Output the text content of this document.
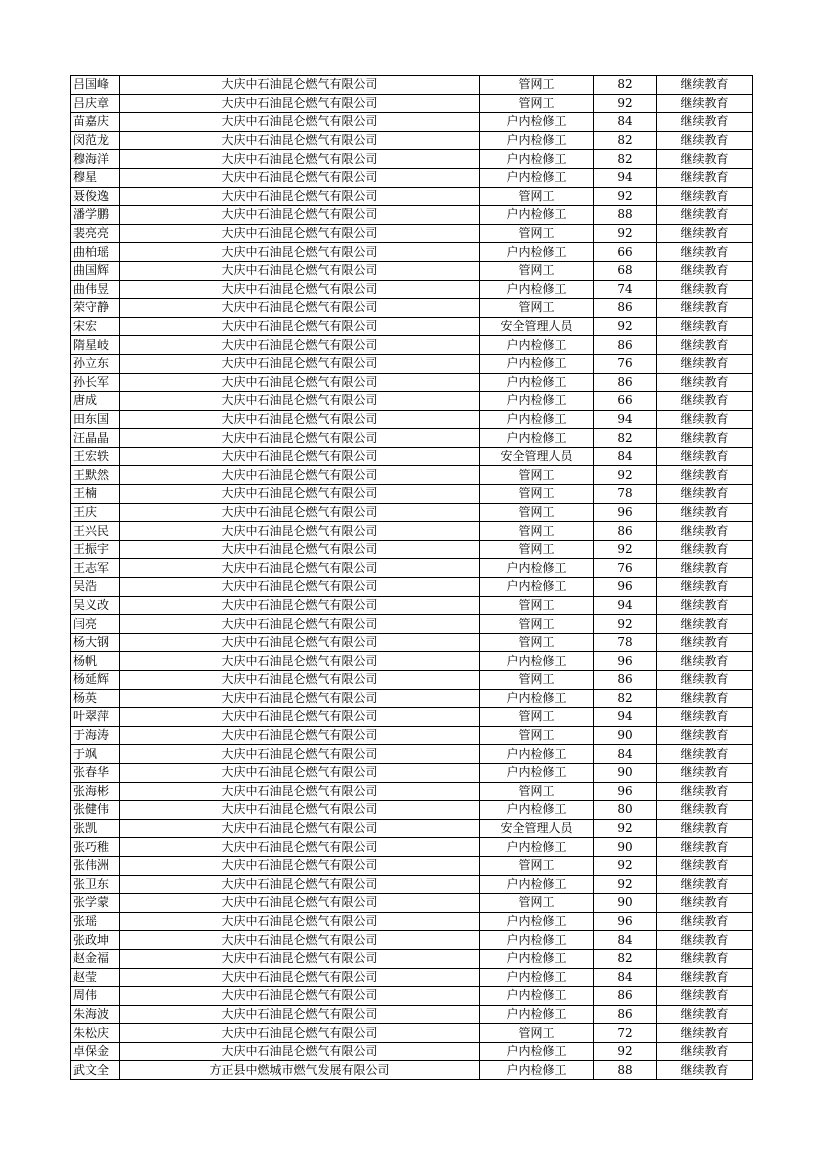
吕国峰	大庆中石油昆仑燃气有限公司	管网工	82	继续教育
吕庆章	大庆中石油昆仑燃气有限公司	管网工	92	继续教育
苗嘉庆	大庆中石油昆仑燃气有限公司	户内检修工	84	继续教育
闵范龙	大庆中石油昆仑燃气有限公司	户内检修工	82	继续教育
穆海洋	大庆中石油昆仑燃气有限公司	户内检修工	82	继续教育
穆星	大庆中石油昆仑燃气有限公司	户内检修工	94	继续教育
聂俊逸	大庆中石油昆仑燃气有限公司	管网工	92	继续教育
潘学鹏	大庆中石油昆仑燃气有限公司	户内检修工	88	继续教育
裴亮亮	大庆中石油昆仑燃气有限公司	管网工	92	继续教育
曲柏瑶	大庆中石油昆仑燃气有限公司	户内检修工	66	继续教育
曲国辉	大庆中石油昆仑燃气有限公司	管网工	68	继续教育
曲伟昱	大庆中石油昆仑燃气有限公司	户内检修工	74	继续教育
荣守静	大庆中石油昆仑燃气有限公司	管网工	86	继续教育
宋宏	大庆中石油昆仑燃气有限公司	安全管理人员	92	继续教育
隋星岐	大庆中石油昆仑燃气有限公司	户内检修工	86	继续教育
孙立东	大庆中石油昆仑燃气有限公司	户内检修工	76	继续教育
孙长军	大庆中石油昆仑燃气有限公司	户内检修工	86	继续教育
唐成	大庆中石油昆仑燃气有限公司	户内检修工	66	继续教育
田东国	大庆中石油昆仑燃气有限公司	户内检修工	94	继续教育
汪晶晶	大庆中石油昆仑燃气有限公司	户内检修工	82	继续教育
王宏轶	大庆中石油昆仑燃气有限公司	安全管理人员	84	继续教育
王默然	大庆中石油昆仑燃气有限公司	管网工	92	继续教育
王楠	大庆中石油昆仑燃气有限公司	管网工	78	继续教育
王庆	大庆中石油昆仑燃气有限公司	管网工	96	继续教育
王兴民	大庆中石油昆仑燃气有限公司	管网工	86	继续教育
王振宇	大庆中石油昆仑燃气有限公司	管网工	92	继续教育
王志军	大庆中石油昆仑燃气有限公司	户内检修工	76	继续教育
吴浩	大庆中石油昆仑燃气有限公司	户内检修工	96	继续教育
吴义改	大庆中石油昆仑燃气有限公司	管网工	94	继续教育
闫亮	大庆中石油昆仑燃气有限公司	管网工	92	继续教育
杨大钢	大庆中石油昆仑燃气有限公司	管网工	78	继续教育
杨帆	大庆中石油昆仑燃气有限公司	户内检修工	96	继续教育
杨延辉	大庆中石油昆仑燃气有限公司	管网工	86	继续教育
杨英	大庆中石油昆仑燃气有限公司	户内检修工	82	继续教育
叶翠萍	大庆中石油昆仑燃气有限公司	管网工	94	继续教育
于海涛	大庆中石油昆仑燃气有限公司	管网工	90	继续教育
于飒	大庆中石油昆仑燃气有限公司	户内检修工	84	继续教育
张春华	大庆中石油昆仑燃气有限公司	户内检修工	90	继续教育
张海彬	大庆中石油昆仑燃气有限公司	管网工	96	继续教育
张健伟	大庆中石油昆仑燃气有限公司	户内检修工	80	继续教育
张凯	大庆中石油昆仑燃气有限公司	安全管理人员	92	继续教育
张巧稚	大庆中石油昆仑燃气有限公司	户内检修工	90	继续教育
张伟洲	大庆中石油昆仑燃气有限公司	管网工	92	继续教育
张卫东	大庆中石油昆仑燃气有限公司	户内检修工	92	继续教育
张学蒙	大庆中石油昆仑燃气有限公司	管网工	90	继续教育
张瑶	大庆中石油昆仑燃气有限公司	户内检修工	96	继续教育
张政坤	大庆中石油昆仑燃气有限公司	户内检修工	84	继续教育
赵金福	大庆中石油昆仑燃气有限公司	户内检修工	82	继续教育
赵莹	大庆中石油昆仑燃气有限公司	户内检修工	84	继续教育
周伟	大庆中石油昆仑燃气有限公司	户内检修工	86	继续教育
朱海波	大庆中石油昆仑燃气有限公司	户内检修工	86	继续教育
朱松庆	大庆中石油昆仑燃气有限公司	管网工	72	继续教育
卓保金	大庆中石油昆仑燃气有限公司	户内检修工	92	继续教育
武文全	方正县中燃城市燃气发展有限公司	户内检修工	88	继续教育
